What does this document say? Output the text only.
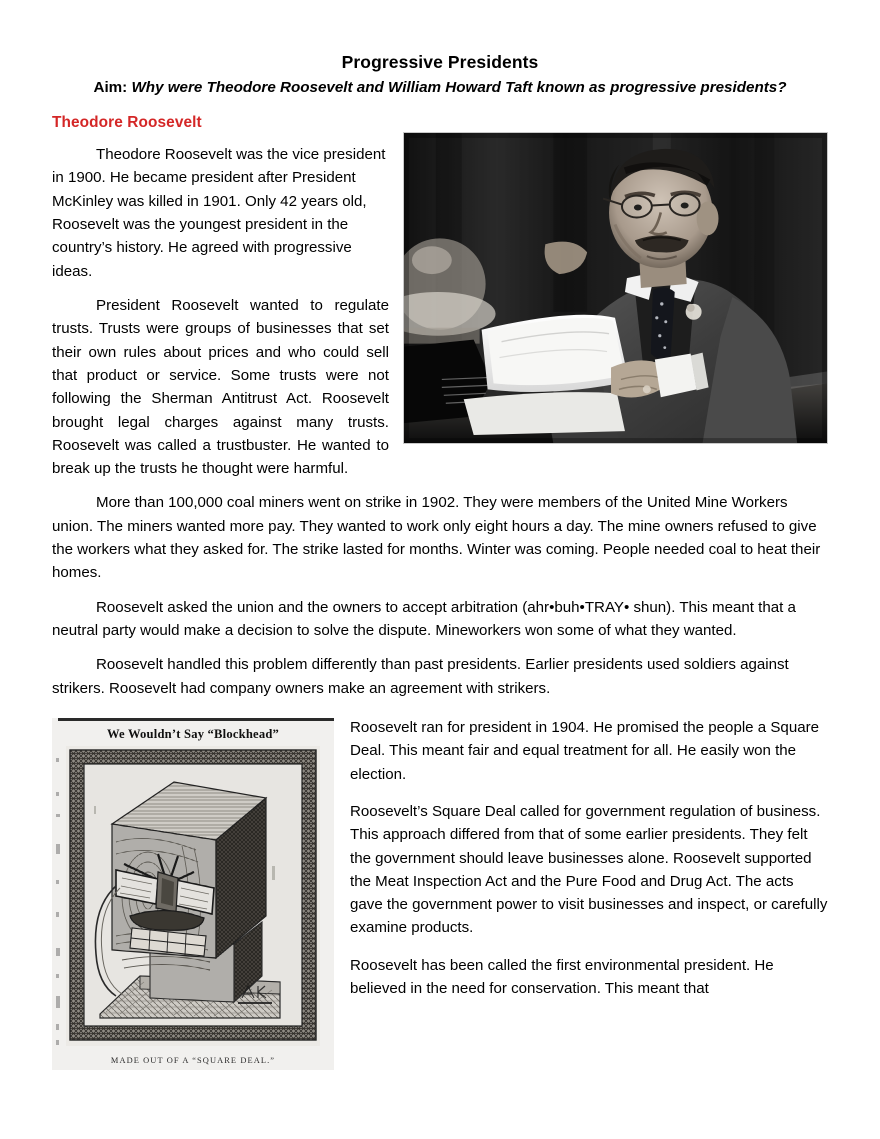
Progressive Presidents

Aim: Why were Theodore Roosevelt and William Howard Taft known as progressive presidents?

Theodore Roosevelt

Theodore Roosevelt was the vice president in 1900. He became president after President McKinley was killed in 1901. Only 42 years old, Roosevelt was the youngest president in the country’s history. He agreed with progressive ideas.

President Roosevelt wanted to regulate trusts. Trusts were groups of businesses that set their own rules about prices and who could sell that product or service. Some trusts were not following the Sherman Antitrust Act. Roosevelt brought legal charges against many trusts. Roosevelt was called a trustbuster. He wanted to break up the trusts he thought were harmful.

More than 100,000 coal miners went on strike in 1902. They were members of the United Mine Workers union. The miners wanted more pay. They wanted to work only eight hours a day. The mine owners refused to give the workers what they asked for. The strike lasted for months. Winter was coming. People needed coal to heat their homes.

Roosevelt asked the union and the owners to accept arbitration (ahr•buh•TRAY• shun). This meant that a neutral party would make a decision to solve the dispute. Mineworkers won some of what they wanted.

Roosevelt handled this problem differently than past presidents. Earlier presidents used soldiers against strikers. Roosevelt had company owners make an agreement with strikers.

We Wouldn’t Say “Blockhead”
MADE OUT OF A “SQUARE DEAL.”

Roosevelt ran for president in 1904. He promised the people a Square Deal. This meant fair and equal treatment for all. He easily won the election.

Roosevelt’s Square Deal called for government regulation of business. This approach differed from that of some earlier presidents. They felt the government should leave businesses alone. Roosevelt supported the Meat Inspection Act and the Pure Food and Drug Act. The acts gave the government power to visit businesses and inspect, or carefully examine products.

Roosevelt has been called the first environmental president. He believed in the need for conservation. This meant that
